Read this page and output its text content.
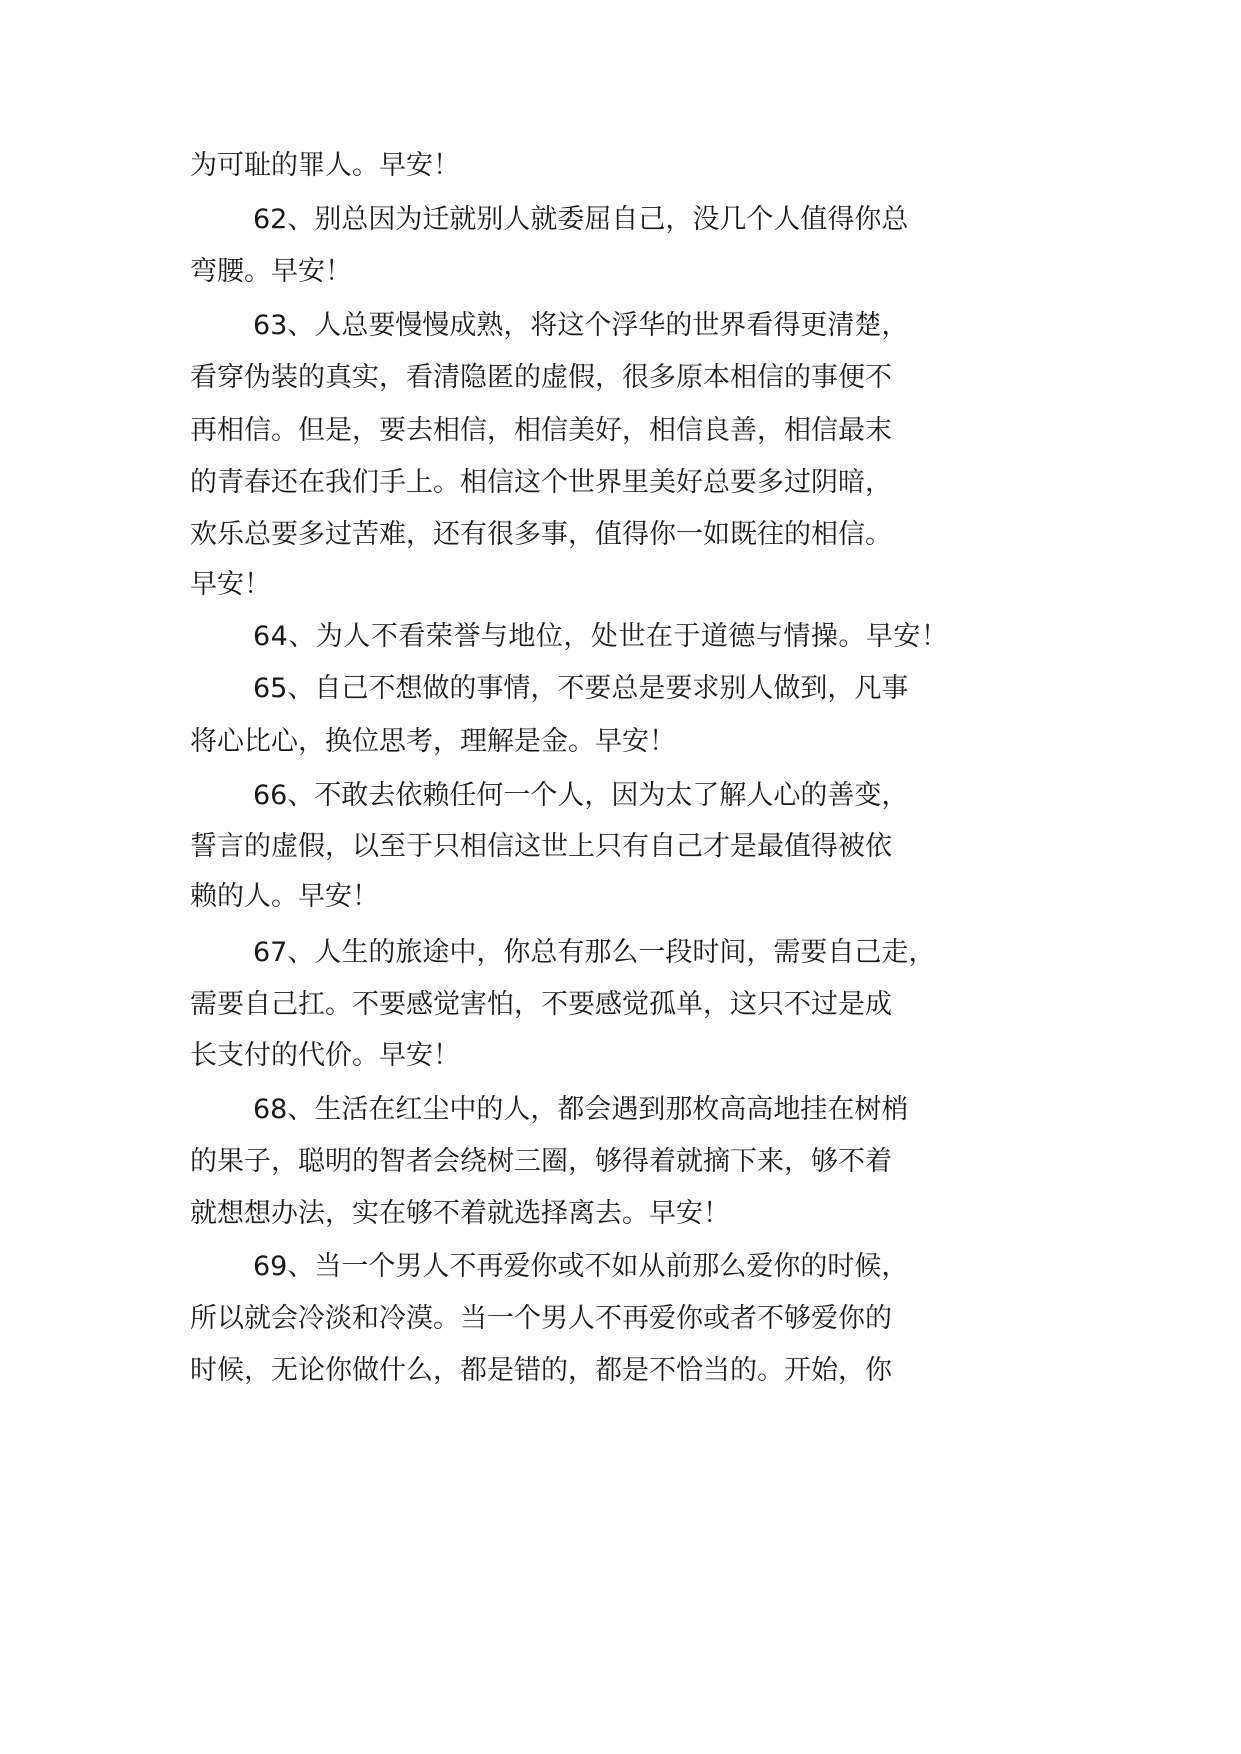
为可耻的罪人。早安！
62、别总因为迁就别人就委屈自己，没几个人值得你总
弯腰。早安！
63、人总要慢慢成熟，将这个浮华的世界看得更清楚，
看穿伪装的真实，看清隐匿的虚假，很多原本相信的事便不
再相信。但是，要去相信，相信美好，相信良善，相信最末
的青春还在我们手上。相信这个世界里美好总要多过阴暗，
欢乐总要多过苦难，还有很多事，值得你一如既往的相信。
早安！
64、为人不看荣誉与地位，处世在于道德与情操。早安！
65、自己不想做的事情，不要总是要求别人做到，凡事
将心比心，换位思考，理解是金。早安！
66、不敢去依赖任何一个人，因为太了解人心的善变，
誓言的虚假，以至于只相信这世上只有自己才是最值得被依
赖的人。早安！
67、人生的旅途中，你总有那么一段时间，需要自己走，
需要自己扛。不要感觉害怕，不要感觉孤单，这只不过是成
长支付的代价。早安！
68、生活在红尘中的人，都会遇到那枚高高地挂在树梢
的果子，聪明的智者会绕树三圈，够得着就摘下来，够不着
就想想办法，实在够不着就选择离去。早安！
69、当一个男人不再爱你或不如从前那么爱你的时候，
所以就会冷淡和冷漠。当一个男人不再爱你或者不够爱你的
时候，无论你做什么，都是错的，都是不恰当的。开始，你
